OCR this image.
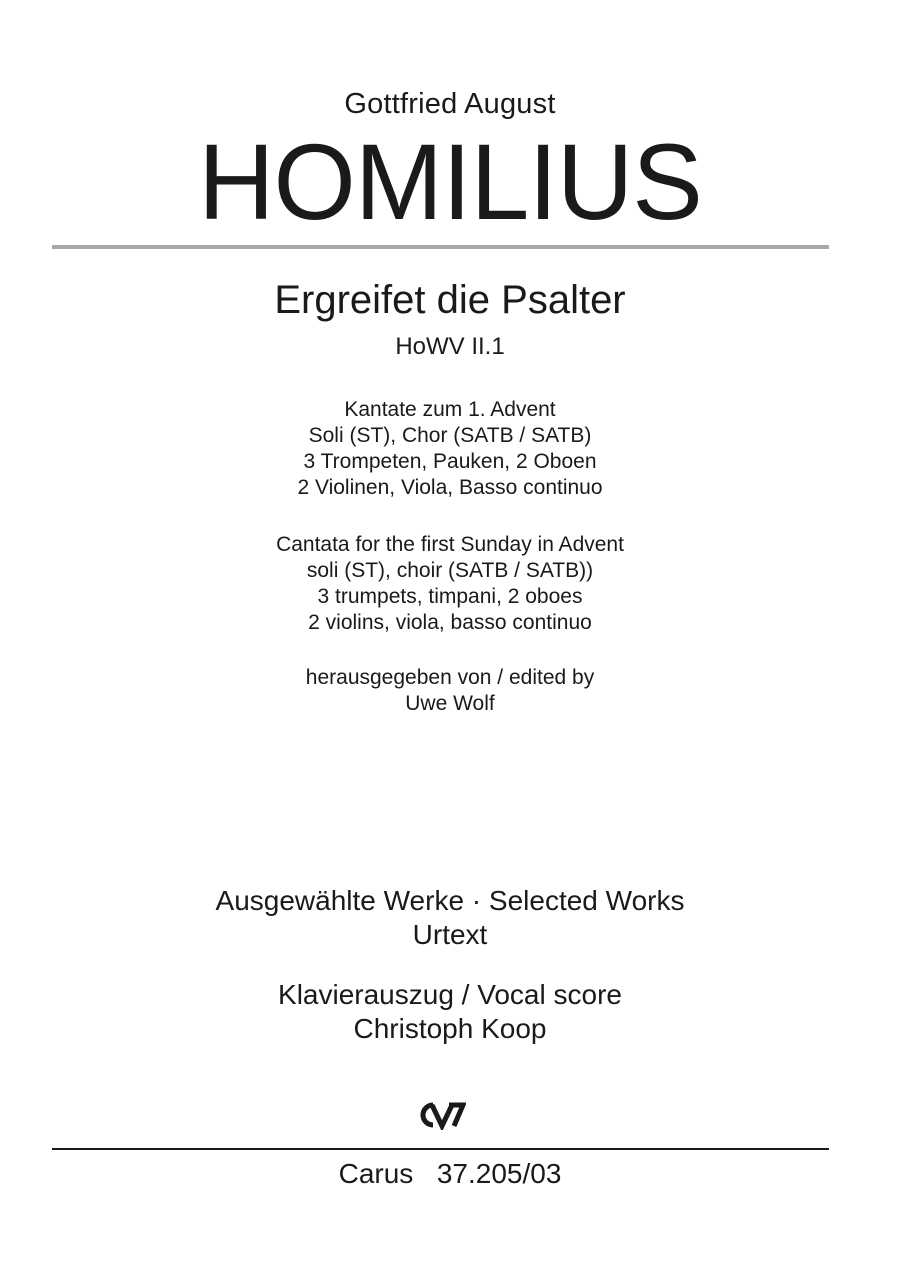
Gottfried August
HOMILIUS
Ergreifet die Psalter
HoWV II.1
Kantate zum 1. Advent
Soli (ST), Chor (SATB / SATB)
3 Trompeten, Pauken, 2 Oboen
2 Violinen, Viola, Basso continuo
Cantata for the first Sunday in Advent
soli (ST), choir (SATB / SATB))
3 trumpets, timpani, 2 oboes
2 violins, viola, basso continuo
herausgegeben von / edited by
Uwe Wolf
Ausgewählte Werke · Selected Works
Urtext
Klavierauszug / Vocal score
Christoph Koop
Carus  37.205/03
